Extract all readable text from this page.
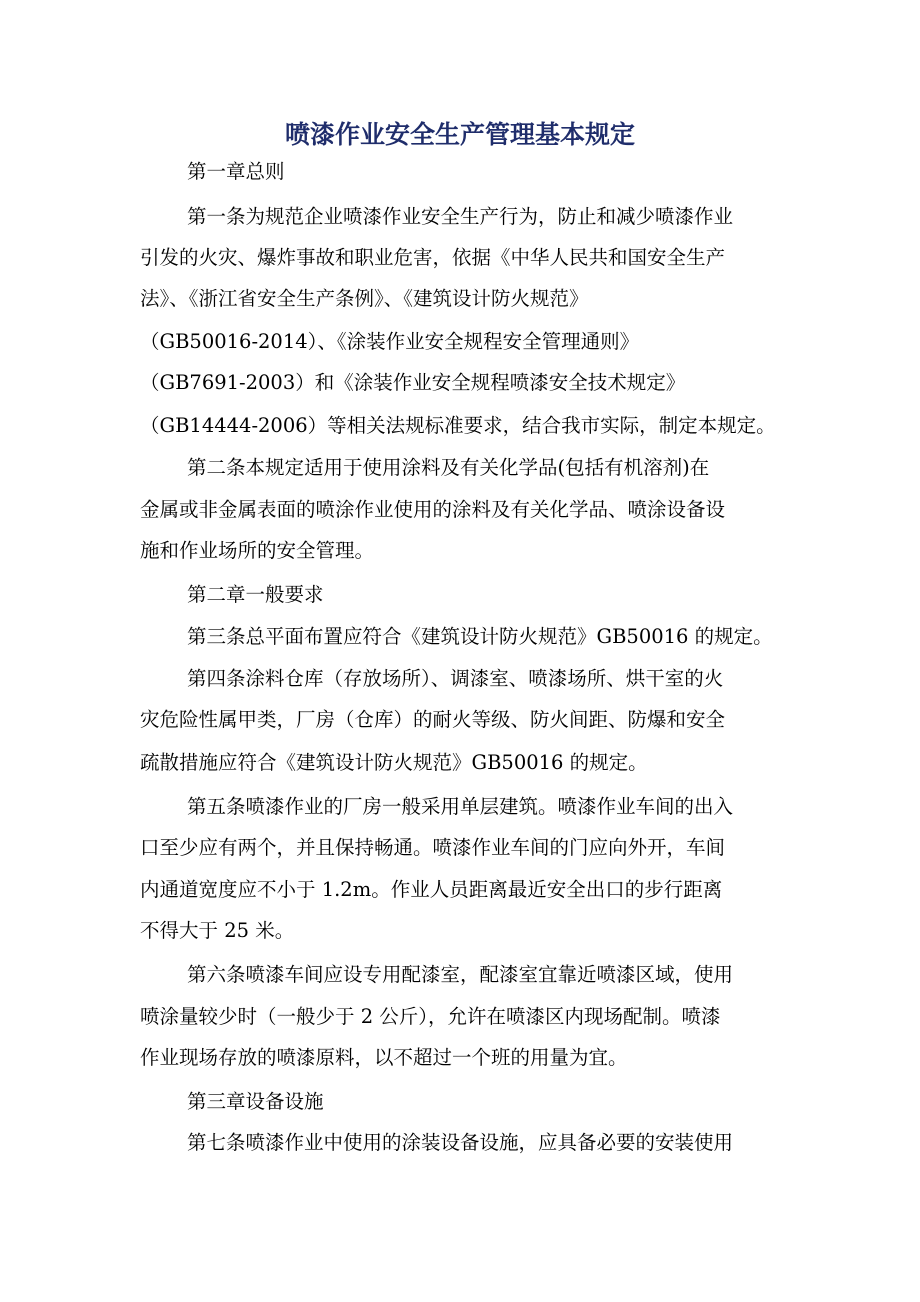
喷漆作业安全生产管理基本规定
第一章总则
第一条为规范企业喷漆作业安全生产行为，防止和减少喷漆作业
引发的火灾、爆炸事故和职业危害，依据《中华人民共和国安全生产
法》、《浙江省安全生产条例》、《建筑设计防火规范》
（GB50016-2014）、《涂装作业安全规程安全管理通则》
（GB7691-2003）和《涂装作业安全规程喷漆安全技术规定》
（GB14444-2006）等相关法规标准要求，结合我市实际，制定本规定。
第二条本规定适用于使用涂料及有关化学品(包括有机溶剂)在
金属或非金属表面的喷涂作业使用的涂料及有关化学品、喷涂设备设
施和作业场所的安全管理。
第二章一般要求
第三条总平面布置应符合《建筑设计防火规范》GB50016 的规定。
第四条涂料仓库（存放场所）、调漆室、喷漆场所、烘干室的火
灾危险性属甲类，厂房（仓库）的耐火等级、防火间距、防爆和安全
疏散措施应符合《建筑设计防火规范》GB50016 的规定。
第五条喷漆作业的厂房一般采用单层建筑。喷漆作业车间的出入
口至少应有两个，并且保持畅通。喷漆作业车间的门应向外开，车间
内通道宽度应不小于 1.2m。作业人员距离最近安全出口的步行距离
不得大于 25 米。
第六条喷漆车间应设专用配漆室，配漆室宜靠近喷漆区域，使用
喷涂量较少时（一般少于 2 公斤），允许在喷漆区内现场配制。喷漆
作业现场存放的喷漆原料，以不超过一个班的用量为宜。
第三章设备设施
第七条喷漆作业中使用的涂装设备设施，应具备必要的安装使用
